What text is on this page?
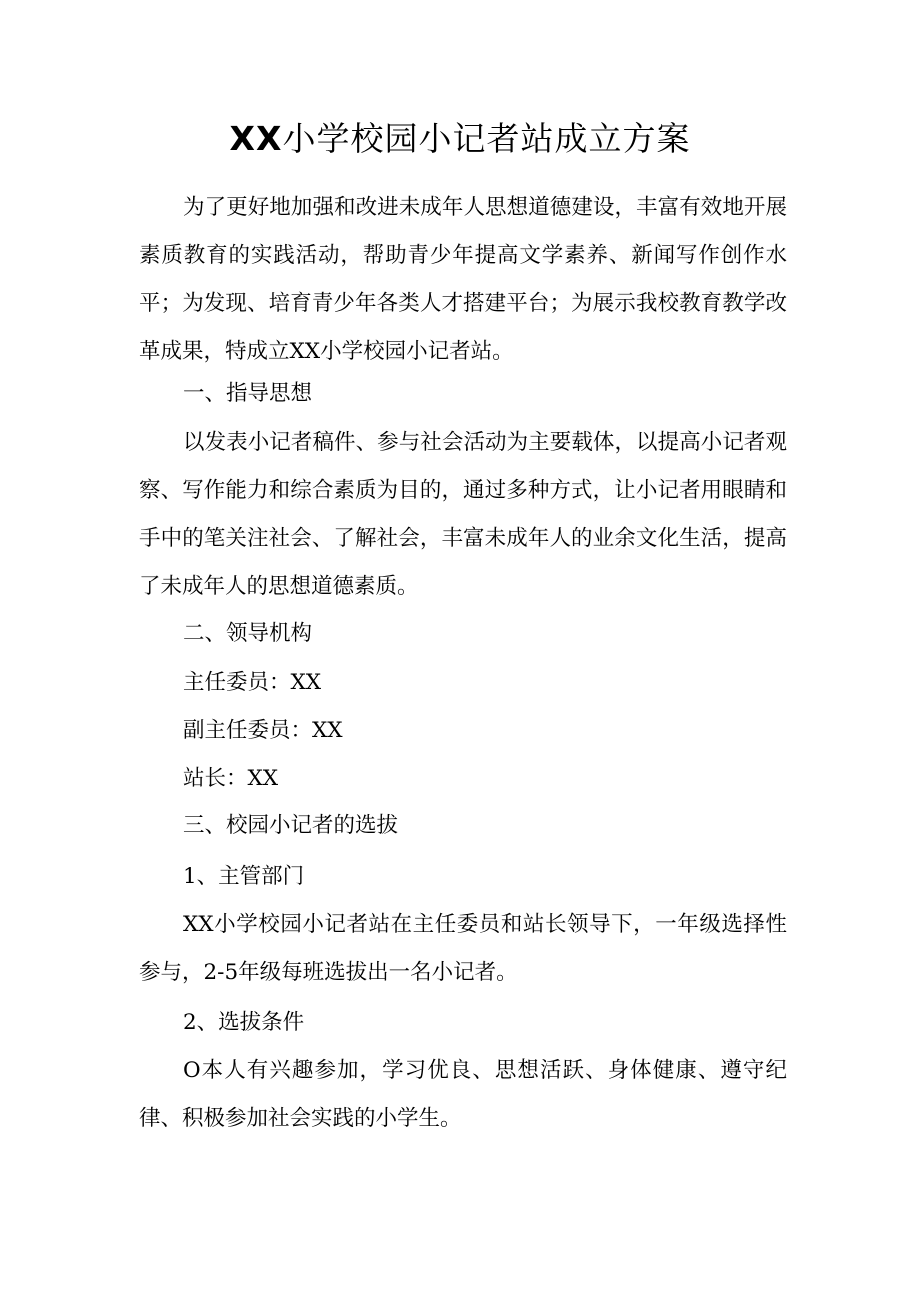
XX小学校园小记者站成立方案

为了更好地加强和改进未成年人思想道德建设，丰富有效地开展素质教育的实践活动，帮助青少年提高文学素养、新闻写作创作水平；为发现、培育青少年各类人才搭建平台；为展示我校教育教学改革成果，特成立XX小学校园小记者站。

一、指导思想

以发表小记者稿件、参与社会活动为主要载体，以提高小记者观察、写作能力和综合素质为目的，通过多种方式，让小记者用眼睛和手中的笔关注社会、了解社会，丰富未成年人的业余文化生活，提高了未成年人的思想道德素质。

二、领导机构

主任委员：XX

副主任委员：XX

站长：XX

三、校园小记者的选拔

1、主管部门

XX小学校园小记者站在主任委员和站长领导下，一年级选择性参与，2-5年级每班选拔出一名小记者。

2、选拔条件

O本人有兴趣参加，学习优良、思想活跃、身体健康、遵守纪律、积极参加社会实践的小学生。
